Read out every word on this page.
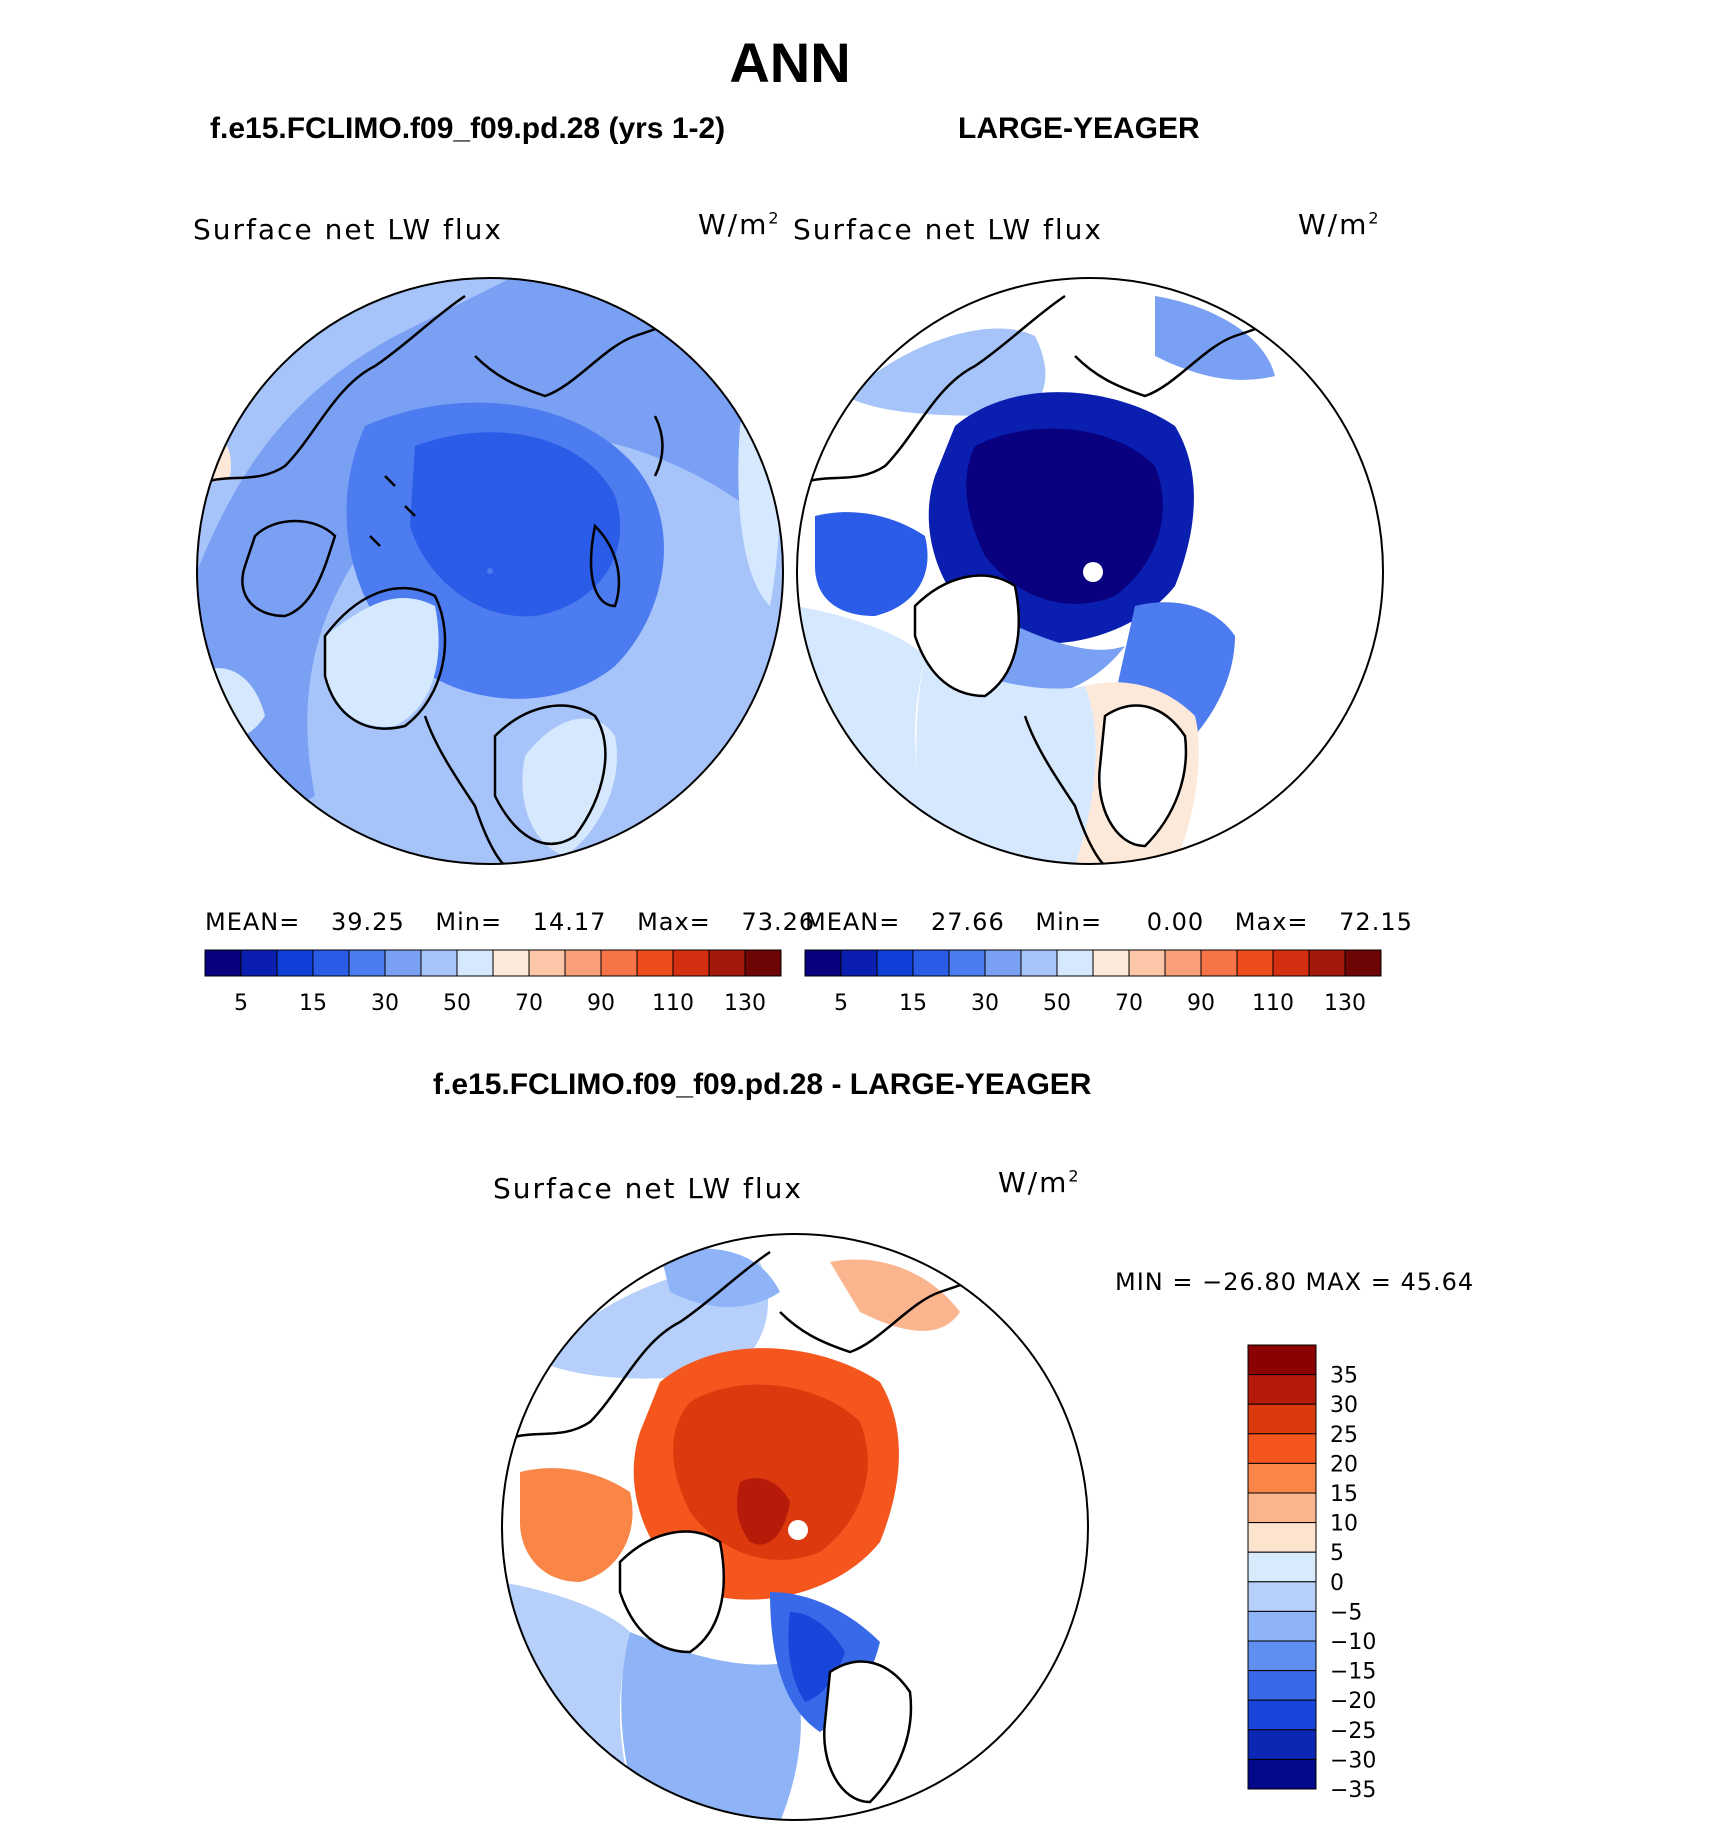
ANN
f.e15.FCLIMO.f09_f09.pd.28 (yrs 1-2)	LARGE-YEAGER
Surface net LW flux	$W/m^2$ Surface net LW flux	$W/m^2$
MEAN= 39.25 Min= 14.17 Max= 73.26
MEAN= 27.66 Min= 0.00 Max= 72.15
5 15 30 50 70 90 110 130	5 15 30 50 70 90 110 130
f.e15.FCLIMO.f09_f09.pd.28 - LARGE-YEAGER
Surface net LW flux	$W/m^2$
MIN = −26.80 MAX = 45.64
35
30
25
20
15
10
5
0
−5
−10
−15
−20
−25
−30
−35
